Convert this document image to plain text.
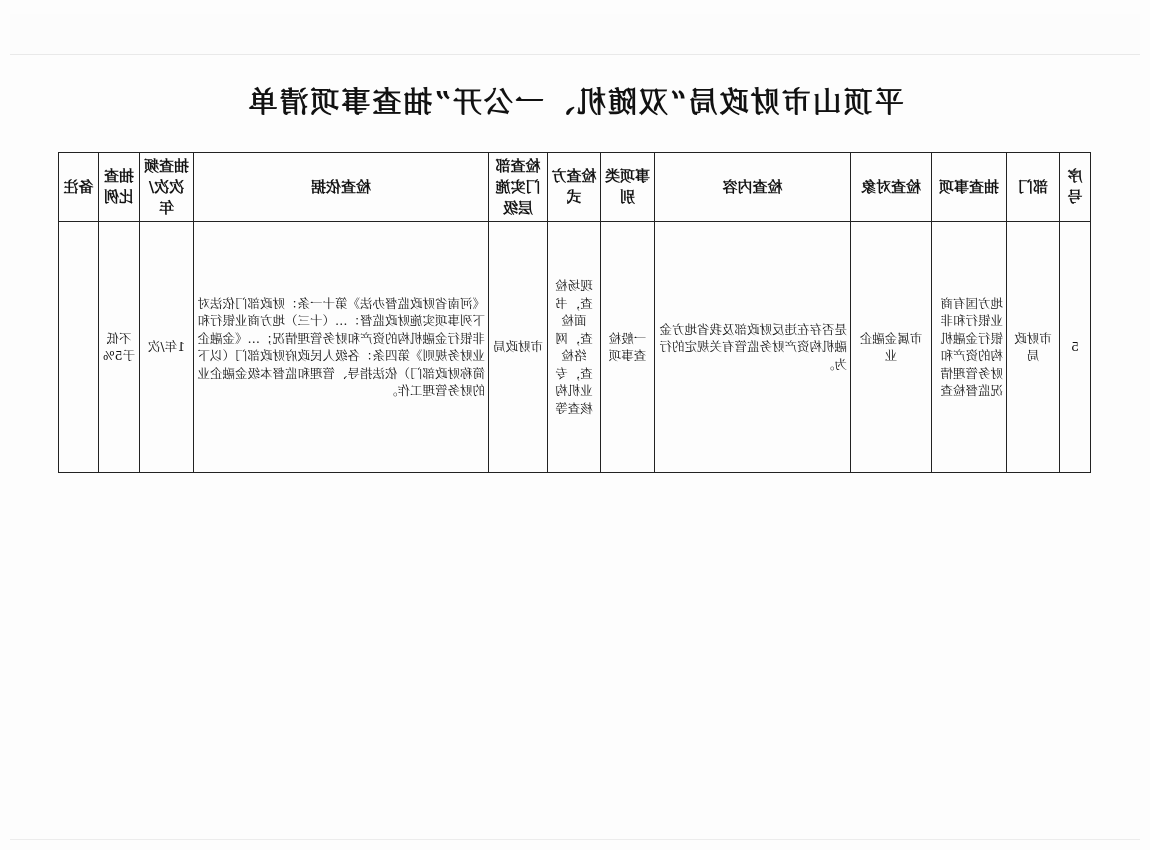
平顶山市财政局“双随机、一公开”抽查事项清单
序号	部门	抽查事项	检查对象	检查内容	事项类别	检查方式	检查部门实施层级	检查依据	抽查频次次/年	抽查比例	备注
5	市财政局	地方国有商业银行和非银行金融机构的资产和财务管理情况监督检查	市属金融企业	是否存在违反财政部及我省地方金融机构资产财务监管有关规定的行为。	一般检查事项	现场检查，书面检查，网络检查，专业机构核查等	市财政局	《河南省财政监督办法》第十一条：财政部门依法对下列事项实施财政监督：…（十三）地方商业银行和非银行金融机构的资产和财务管理情况；…《金融企业财务规则》第四条：各级人民政府财政部门（以下简称财政部门）依法指导、管理和监督本级金融企业的财务管理工作。	1年/次	不低于5%	
